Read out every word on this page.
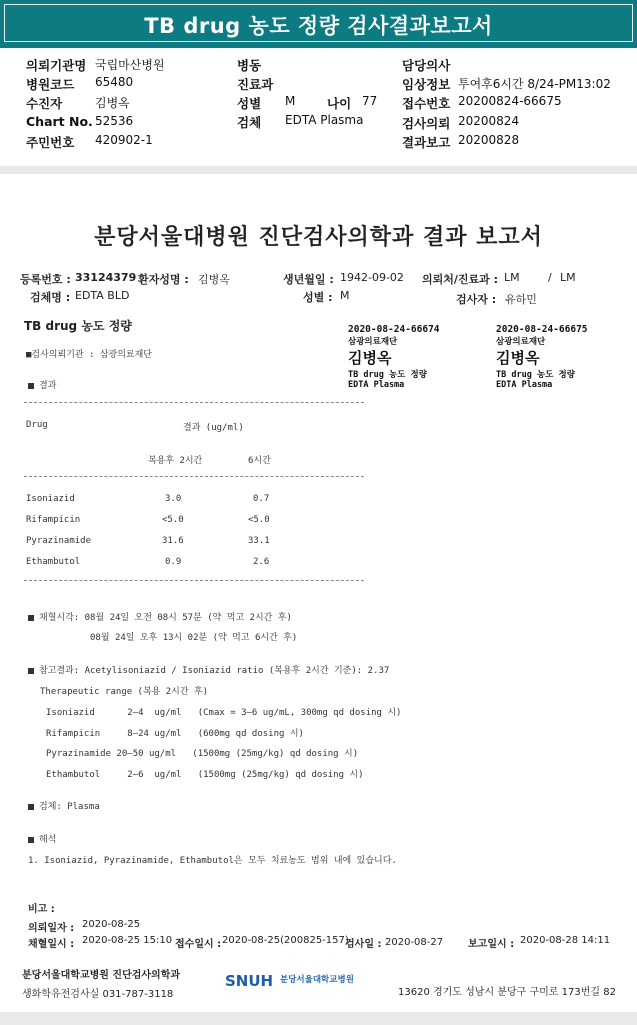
TB drug 농도 정량 검사결과보고서
의뢰기관명 국립마산병원	병동	담당의사
병원코드 65480	진료과	임상정보 투여후6시간 8/24-PM13:02
수진자	김병옥	성별 M	나이 77 접수번호 20200824-66675
Chart No. 52536	검체 EDTA Plasma	검사의뢰 20200824
주민번호 420902-1	결과보고 20200828
분당서울대병원 진단검사의학과 결과 보고서
등록번호 : 33124379 환자성명 : 김병옥	생년월일 : 1942-09-02 의뢰처/진료과 : LM	/ LM
검체명 : EDTA BLD	성별 : M	검사자 : 유하민
TB drug 농도 정량
■검사의뢰기관 : 삼광의료재단
2020-08-24-66674
삼광의료재단
김병옥
TB drug 농도 정량
EDTA Plasma
2020-08-24-66675
삼광의료재단
김병옥
TB drug 농도 정량
EDTA Plasma
결과
Drug	결과 (ug/ml)
복용후 2시간	6시간
Isoniazid	3.0	0.7
Rifampicin	<5.0	<5.0
Pyrazinamide	31.6	33.1
Ethambutol	0.9	2.6
채혈시각: 08월 24일 오전 08시 57분 (약 먹고 2시간 후)
08월 24일 오후 13시 02분 (약 먹고 6시간 후)
참고결과: Acetylisoniazid / Isoniazid ratio (복용후 2시간 기준): 2.37
Therapeutic range (복용 2시간 후)
Isoniazid      2–4  ug/ml   (Cmax = 3–6 ug/mL, 300mg qd dosing 시)
Rifampicin     8–24 ug/ml   (600mg qd dosing 시)
Pyrazinamide 20–50 ug/ml   (1500mg (25mg/kg) qd dosing 시)
Ethambutol     2–6  ug/ml   (1500mg (25mg/kg) qd dosing 시)
검체: Plasma
해석
1. Isoniazid, Pyrazinamide, Ethambutol은 모두 치료농도 범위 내에 있습니다.
비고 :
의뢰일자 : 2020-08-25
채혈일시 : 2020-08-25 15:10 접수일시 : 2020-08-25(200825-157)
검사일 : 2020-08-27 보고일시 : 2020-08-28 14:11
분당서울대학교병원 진단검사의학과
생화학유전검사실 031-787-3118
SNUH 분당서울대학교병원
13620 경기도 성남시 분당구 구미로 173번길 82
